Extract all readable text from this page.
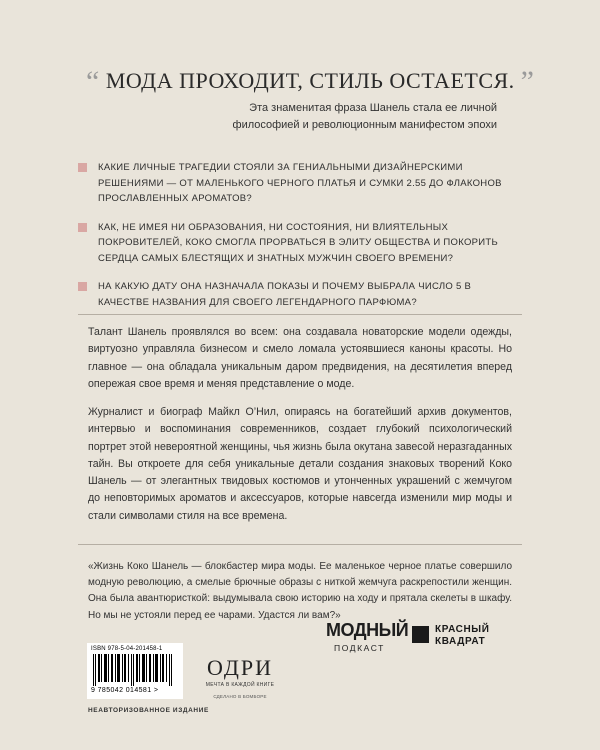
“ МОДА ПРОХОДИТ, СТИЛЬ ОСТАЕТСЯ. ”
Эта знаменитая фраза Шанель стала ее личной
философией и революционным манифестом эпохи
КАКИЕ ЛИЧНЫЕ ТРАГЕДИИ СТОЯЛИ ЗА ГЕНИАЛЬНЫМИ ДИЗАЙНЕРСКИМИ РЕШЕНИЯМИ — ОТ МАЛЕНЬКОГО ЧЕРНОГО ПЛАТЬЯ И СУМКИ 2.55 ДО ФЛАКОНОВ ПРОСЛАВЛЕННЫХ АРОМАТОВ?
КАК, НЕ ИМЕЯ НИ ОБРАЗОВАНИЯ, НИ СОСТОЯНИЯ, НИ ВЛИЯТЕЛЬНЫХ ПОКРОВИТЕЛЕЙ, КОКО СМОГЛА ПРОРВАТЬСЯ В ЭЛИТУ ОБЩЕСТВА И ПОКОРИТЬ СЕРДЦА САМЫХ БЛЕСТЯЩИХ И ЗНАТНЫХ МУЖЧИН СВОЕГО ВРЕМЕНИ?
НА КАКУЮ ДАТУ ОНА НАЗНАЧАЛА ПОКАЗЫ И ПОЧЕМУ ВЫБРАЛА ЧИСЛО 5 В КАЧЕСТВЕ НАЗВАНИЯ ДЛЯ СВОЕГО ЛЕГЕНДАРНОГО ПАРФЮМА?
Талант Шанель проявлялся во всем: она создавала новаторские модели одежды, виртуозно управляла бизнесом и смело ломала устоявшиеся каноны красоты. Но главное — она обладала уникальным даром предвидения, на десятилетия вперед опережая свое время и меняя представление о моде.
Журналист и биограф Майкл О’Нил, опираясь на богатейший архив документов, интервью и воспоминания современников, создает глубокий психологический портрет этой невероятной женщины, чья жизнь была окутана завесой неразгаданных тайн. Вы откроете для себя уникальные детали создания знаковых творений Коко Шанель — от элегантных твидовых костюмов и утонченных украшений с жемчугом до неповторимых ароматов и аксессуаров, которые навсегда изменили мир моды и стали символами стиля на все времена.
«Жизнь Коко Шанель — блокбастер мира моды. Ее маленькое черное платье совершило модную революцию, а смелые брючные образы с ниткой жемчуга раскрепостили женщин. Она была авантюристкой: выдумывала свою историю на ходу и прятала скелеты в шкафу. Но мы не устояли перед ее чарами. Удастся ли вам?»
ISBN 978-5-04-201458-1
9 785042 014581 >
ОДРИ
МЕЧТА В КАЖДОЙ КНИГЕ
СДЕЛАНО В БОМБОРЕ
МОДНЫЙ
ПОДКАСТ
КРАСНЫЙ
КВАДРАТ
НЕАВТОРИЗОВАННОЕ ИЗДАНИЕ
